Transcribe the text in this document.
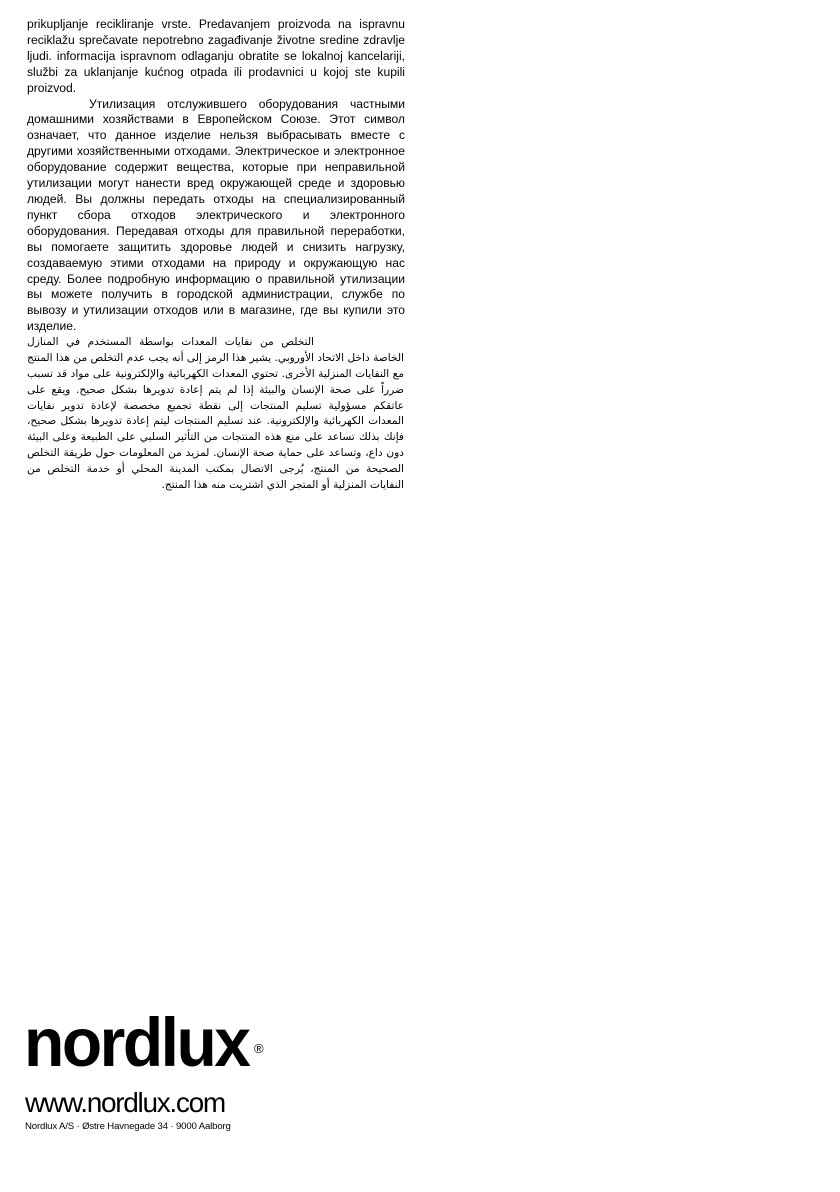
prikupljanje recikliranje vrste. Predavanjem proizvoda na ispravnu reciklažu sprečavate nepotrebno zagađivanje životne sredine zdravlje ljudi. informacija ispravnom odlaganju obratite se lokalnoj kancelariji, službi za uklanjanje kućnog otpada ili prodavnici u kojoj ste kupili proizvod.

Утилизация отслужившего оборудования частными домашними хозяйствами в Европейском Союзе. Этот символ означает, что данное изделие нельзя выбрасывать вместе с другими хозяйственными отходами. Электрическое и электронное оборудование содержит вещества, которые при неправильной утилизации могут нанести вред окружающей среде и здоровью людей. Вы должны передать отходы на специализированный пункт сбора отходов электрического и электронного оборудования. Передавая отходы для правильной переработки, вы помогаете защитить здоровье людей и снизить нагрузку, создаваемую этими отходами на природу и окружающую нас среду. Более подробную информацию о правильной утилизации вы можете получить в городской администрации, службе по вывозу и утилизации отходов или в магазине, где вы купили это изделие.

التخلص من نفايات المعدات بواسطة المستخدم في المنازل الخاصة داخل الاتحاد الأوروبي. يشير هذا الرمز إلى أنه يجب عدم التخلص من هذا المنتج مع النفايات المنزلية الأخرى. تحتوي المعدات الكهربائية والإلكترونية على مواد قد تسبب ضرراً على صحة الإنسان والبيئة إذا لم يتم إعادة تدويرها بشكل صحيح. ويقع على عاتقكم مسؤولية تسليم المنتجات إلى نقطة تجميع مخصصة لإعادة تدوير نفايات المعدات الكهربائية والإلكترونية. عند تسليم المنتجات ليتم إعادة تدويرها بشكل صحيح، فإنك بذلك تساعد على منع هذه المنتجات من التأثير السلبي على الطبيعة وعلى البيئة دون داع، وتساعد على حماية صحة الإنسان. لمزيد من المعلومات حول طريقة التخلص الصحيحة من المنتج، يُرجى الاتصال بمكتب المدينة المحلي أو خدمة التخلص من النفايات المنزلية أو المتجر الذي اشتريت منه هذا المنتج.

nordlux ®
www.nordlux.com
Nordlux A/S · Østre Havnegade 34 · 9000 Aalborg
